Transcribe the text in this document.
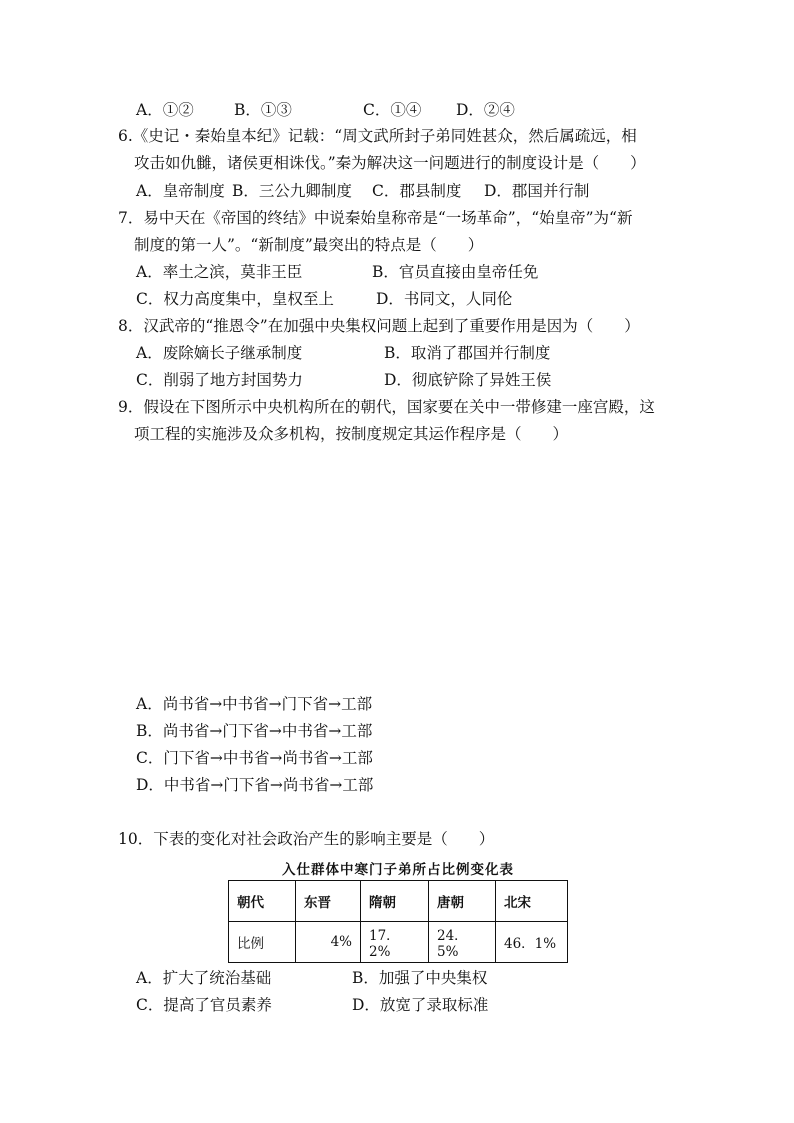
A．①②	B．①③	C．①④ D．②④
6.《史记・秦始皇本纪》记载：“周文武所封子弟同姓甚众，然后属疏远，相
攻击如仇雠，诸侯更相诛伐。”秦为解决这一问题进行的制度设计是（　　）
A．皇帝制度 B．三公九卿制度 C．郡县制度 D．郡国并行制
7．易中天在《帝国的终结》中说秦始皇称帝是“一场革命”，“始皇帝”为“新
制度的第一人”。“新制度”最突出的特点是（　　）
A．率土之滨，莫非王臣	B．官员直接由皇帝任免
C．权力高度集中，皇权至上	D．书同文，人同伦
8．汉武帝的“推恩令”在加强中央集权问题上起到了重要作用是因为（　　）
A．废除嫡长子继承制度	B．取消了郡国并行制度
C．削弱了地方封国势力	D．彻底铲除了异姓王侯
9．假设在下图所示中央机构所在的朝代，国家要在关中一带修建一座宫殿，这
项工程的实施涉及众多机构，按制度规定其运作程序是（　　）
A．尚书省→中书省→门下省→工部
B．尚书省→门下省→中书省→工部
C．门下省→中书省→尚书省→工部
D．中书省→门下省→尚书省→工部
10．下表的变化对社会政治产生的影响主要是（　　）
入仕群体中寒门子弟所占比例变化表
朝代	东晋	隋朝	唐朝	北宋
比例	4%	17．2%	24．5%	46．1%
A．扩大了统治基础	B．加强了中央集权
C．提高了官员素养	D．放宽了录取标准
